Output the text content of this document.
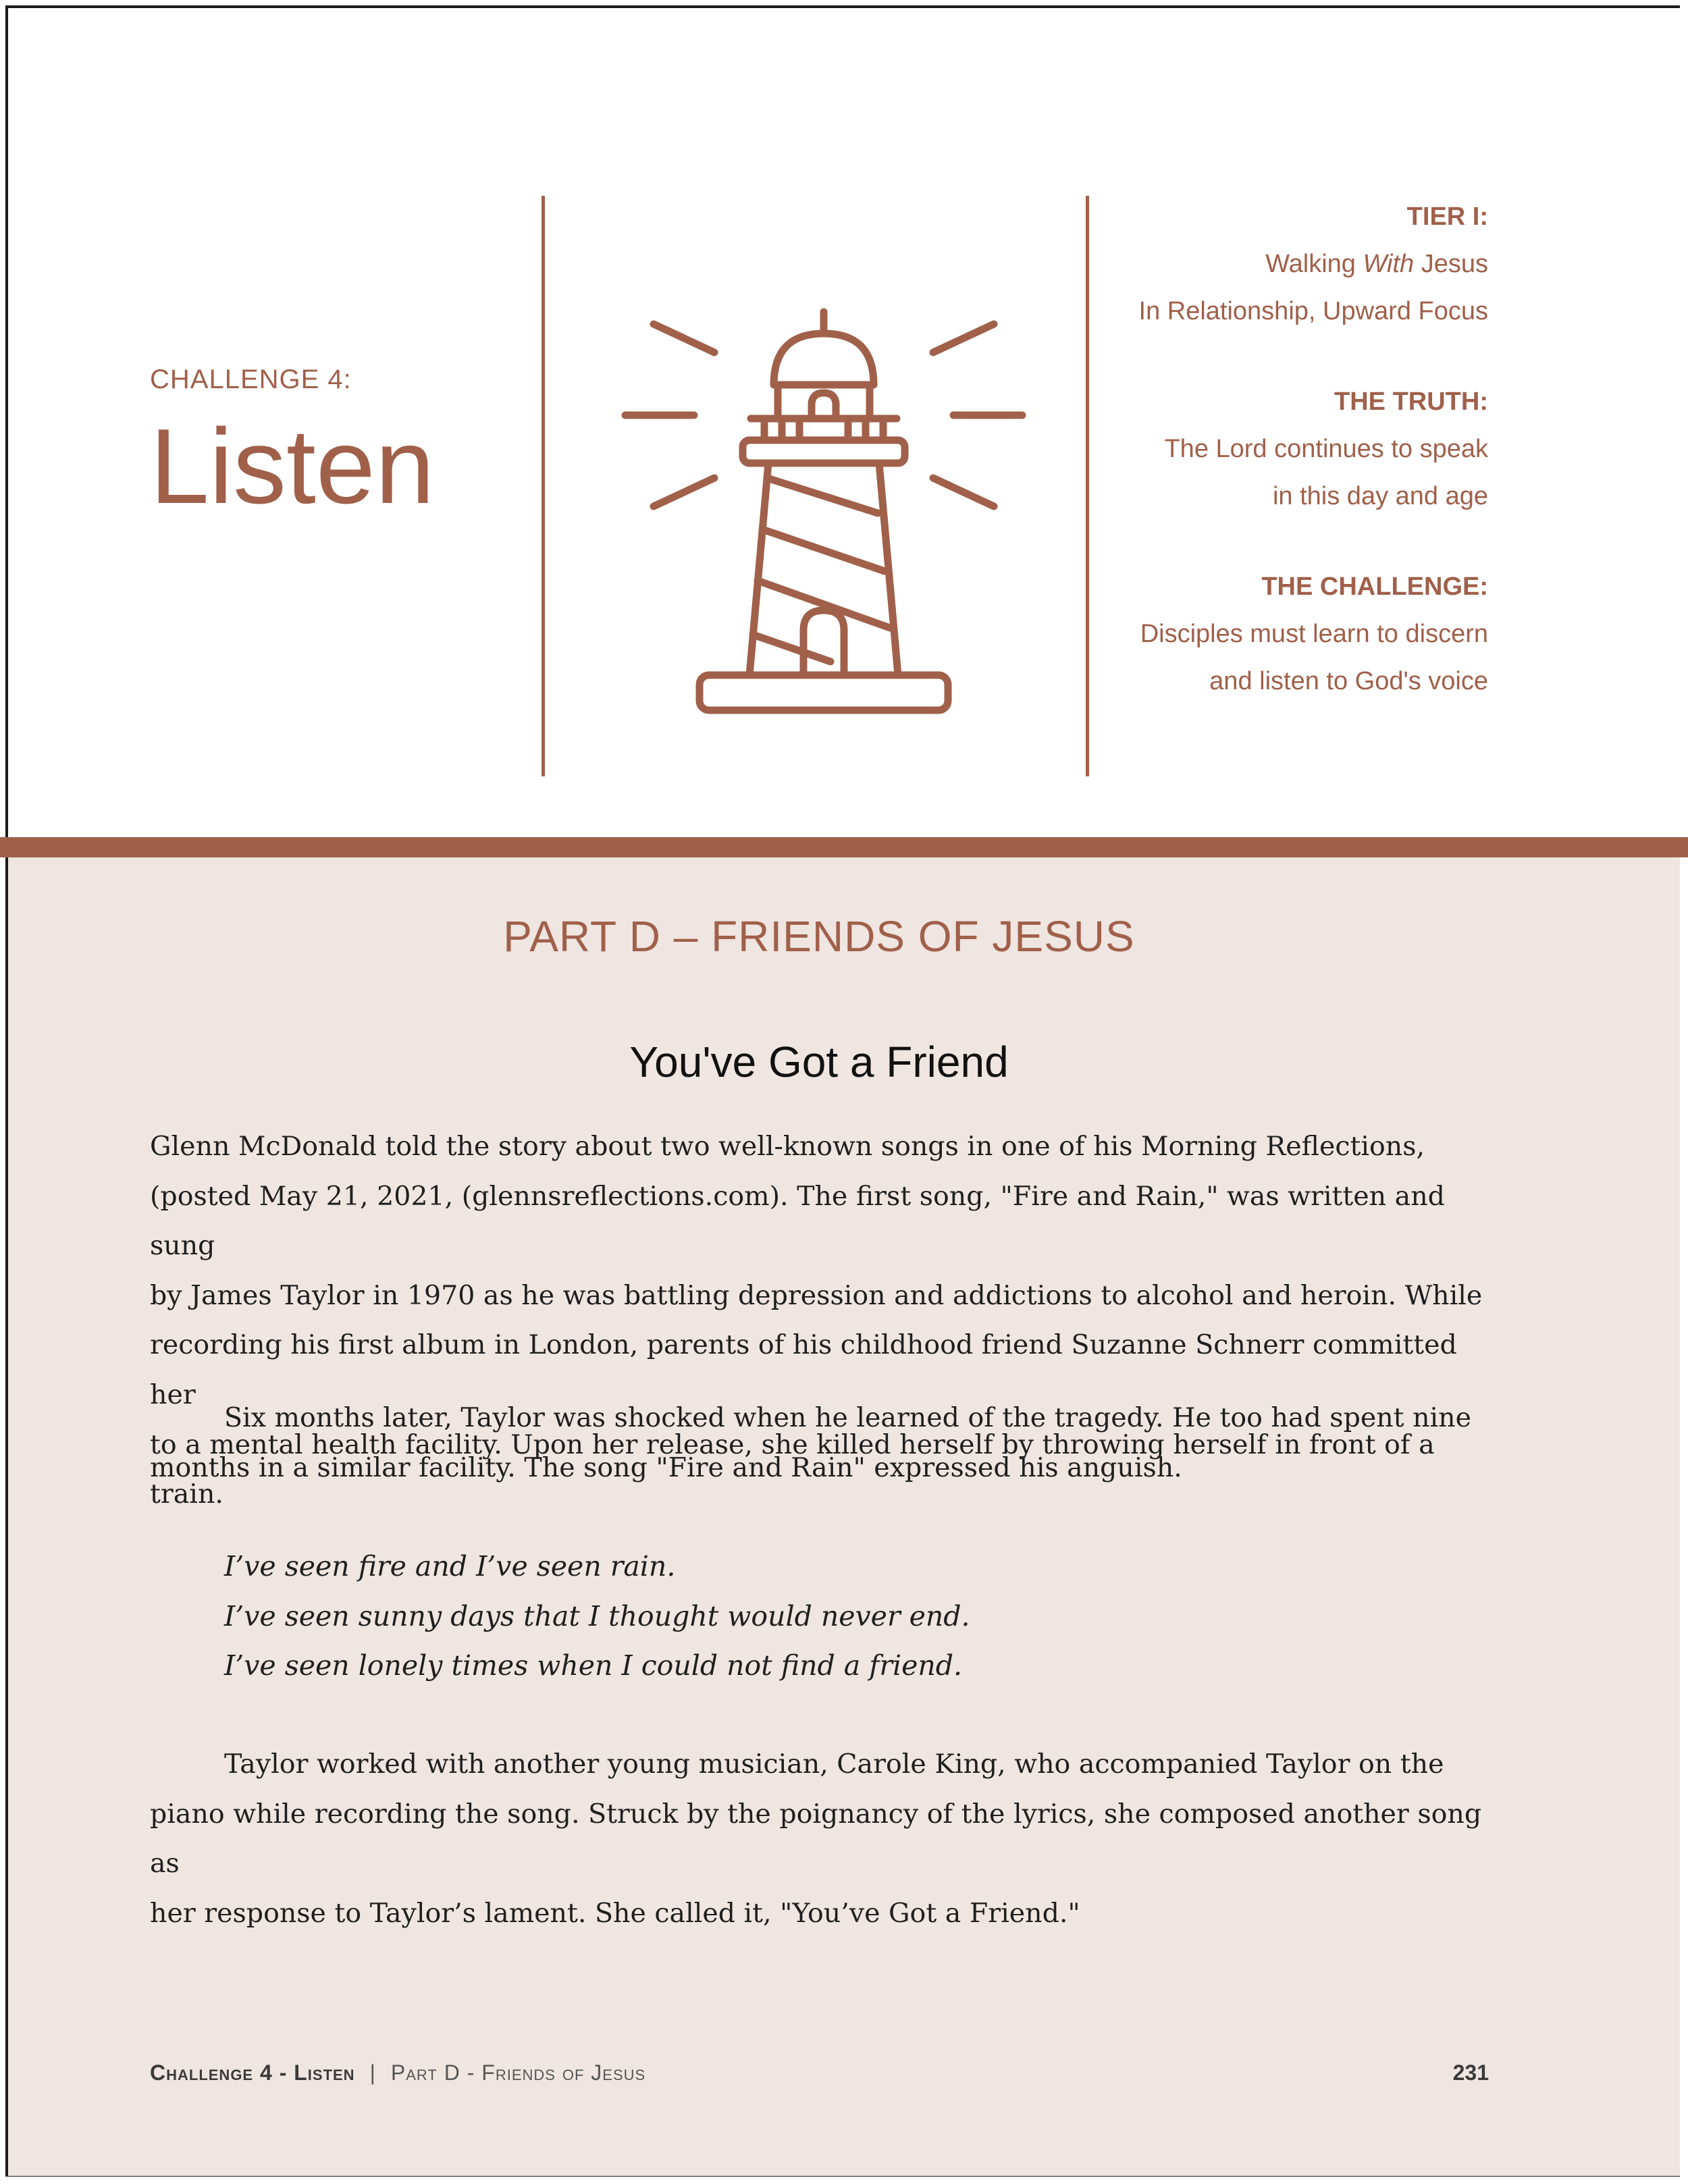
CHALLENGE 4:
Listen
TIER I:
Walking With Jesus
In Relationship, Upward Focus
THE TRUTH:
The Lord continues to speak
in this day and age
THE CHALLENGE:
Disciples must learn to discern
and listen to God's voice
PART D – FRIENDS OF JESUS
You've Got a Friend
Glenn McDonald told the story about two well-known songs in one of his Morning Reflections,
(posted May 21, 2021, (glennsreflections.com). The first song, "Fire and Rain," was written and sung
by James Taylor in 1970 as he was battling depression and addictions to alcohol and heroin. While
recording his first album in London, parents of his childhood friend Suzanne Schnerr committed her
to a mental health facility. Upon her release, she killed herself by throwing herself in front of a train.
Six months later, Taylor was shocked when he learned of the tragedy. He too had spent nine
months in a similar facility. The song "Fire and Rain" expressed his anguish.
I’ve seen fire and I’ve seen rain.
I’ve seen sunny days that I thought would never end.
I’ve seen lonely times when I could not find a friend.
Taylor worked with another young musician, Carole King, who accompanied Taylor on the
piano while recording the song. Struck by the poignancy of the lyrics, she composed another song as
her response to Taylor’s lament. She called it, "You’ve Got a Friend."
Challenge 4 - Listen | Part D - Friends of Jesus	231
